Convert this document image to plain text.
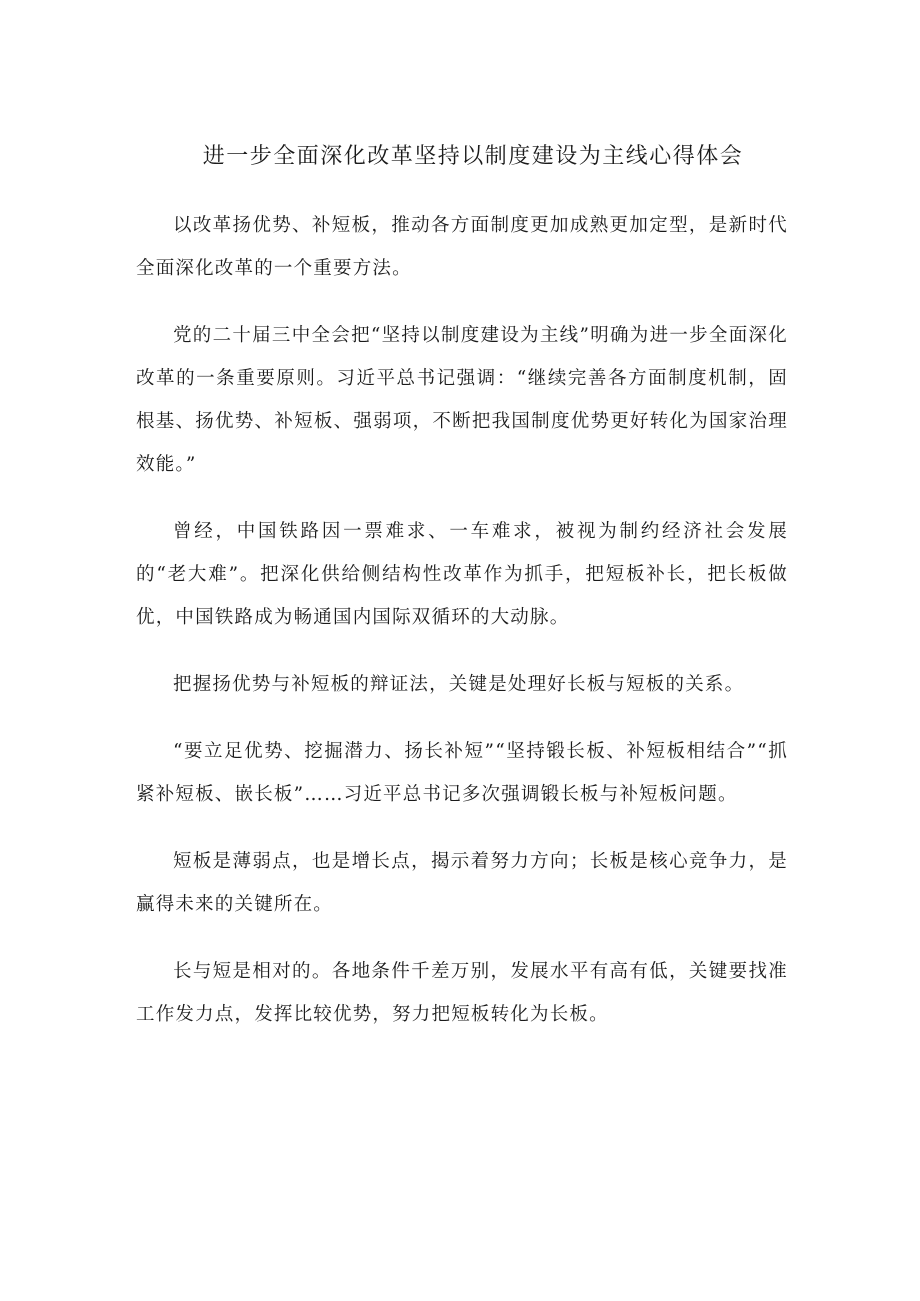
进一步全面深化改革坚持以制度建设为主线心得体会

以改革扬优势、补短板，推动各方面制度更加成熟更加定型，是新时代全面深化改革的一个重要方法。

党的二十届三中全会把“坚持以制度建设为主线”明确为进一步全面深化改革的一条重要原则。习近平总书记强调：“继续完善各方面制度机制，固根基、扬优势、补短板、强弱项，不断把我国制度优势更好转化为国家治理效能。”

曾经，中国铁路因一票难求、一车难求，被视为制约经济社会发展的“老大难”。把深化供给侧结构性改革作为抓手，把短板补长，把长板做优，中国铁路成为畅通国内国际双循环的大动脉。

把握扬优势与补短板的辩证法，关键是处理好长板与短板的关系。

“要立足优势、挖掘潜力、扬长补短”“坚持锻长板、补短板相结合”“抓紧补短板、嵌长板”……习近平总书记多次强调锻长板与补短板问题。

短板是薄弱点，也是增长点，揭示着努力方向；长板是核心竞争力，是赢得未来的关键所在。

长与短是相对的。各地条件千差万别，发展水平有高有低，关键要找准工作发力点，发挥比较优势，努力把短板转化为长板。
